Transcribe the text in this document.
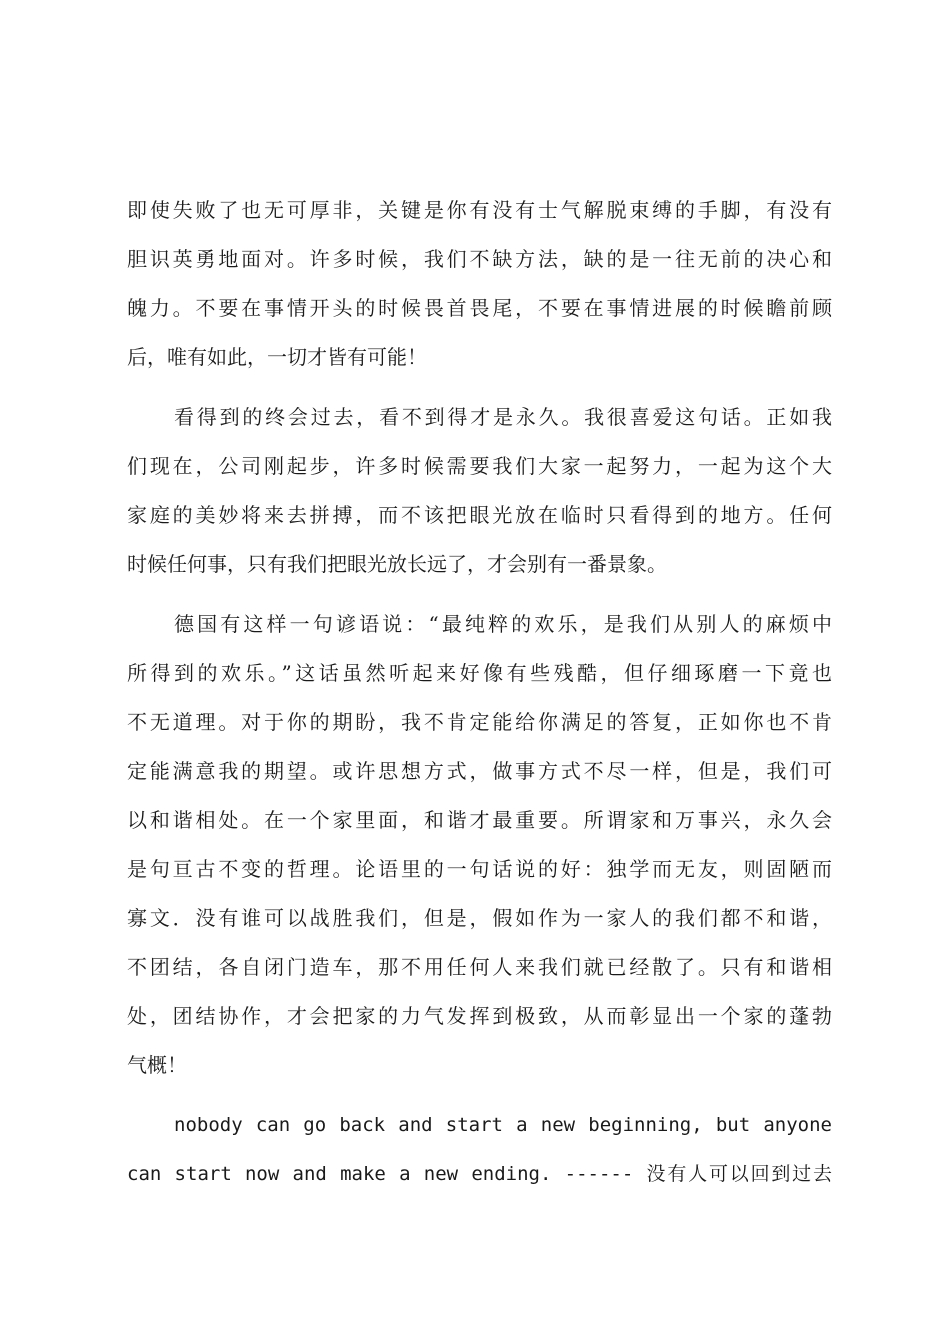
即使失败了也无可厚非，关键是你有没有士气解脱束缚的手脚，有没有
胆识英勇地面对。许多时候，我们不缺方法，缺的是一往无前的决心和
魄力。不要在事情开头的时候畏首畏尾，不要在事情进展的时候瞻前顾
后，唯有如此，一切才皆有可能！
看得到的终会过去，看不到得才是永久。我很喜爱这句话。正如我
们现在，公司刚起步，许多时候需要我们大家一起努力，一起为这个大
家庭的美妙将来去拼搏，而不该把眼光放在临时只看得到的地方。任何
时候任何事，只有我们把眼光放长远了，才会别有一番景象。
德国有这样一句谚语说：“最纯粹的欢乐，是我们从别人的麻烦中
所得到的欢乐。”这话虽然听起来好像有些残酷，但仔细琢磨一下竟也
不无道理。对于你的期盼，我不肯定能给你满足的答复，正如你也不肯
定能满意我的期望。或许思想方式，做事方式不尽一样，但是，我们可
以和谐相处。在一个家里面，和谐才最重要。所谓家和万事兴，永久会
是句亘古不变的哲理。论语里的一句话说的好：独学而无友，则固陋而
寡文．没有谁可以战胜我们，但是，假如作为一家人的我们都不和谐，
不团结，各自闭门造车，那不用任何人来我们就已经散了。只有和谐相
处，团结协作，才会把家的力气发挥到极致，从而彰显出一个家的蓬勃
气概！
nobody can go back and start a new beginning, but anyone
can start now and make a new ending. ------ 没有人可以回到过去
